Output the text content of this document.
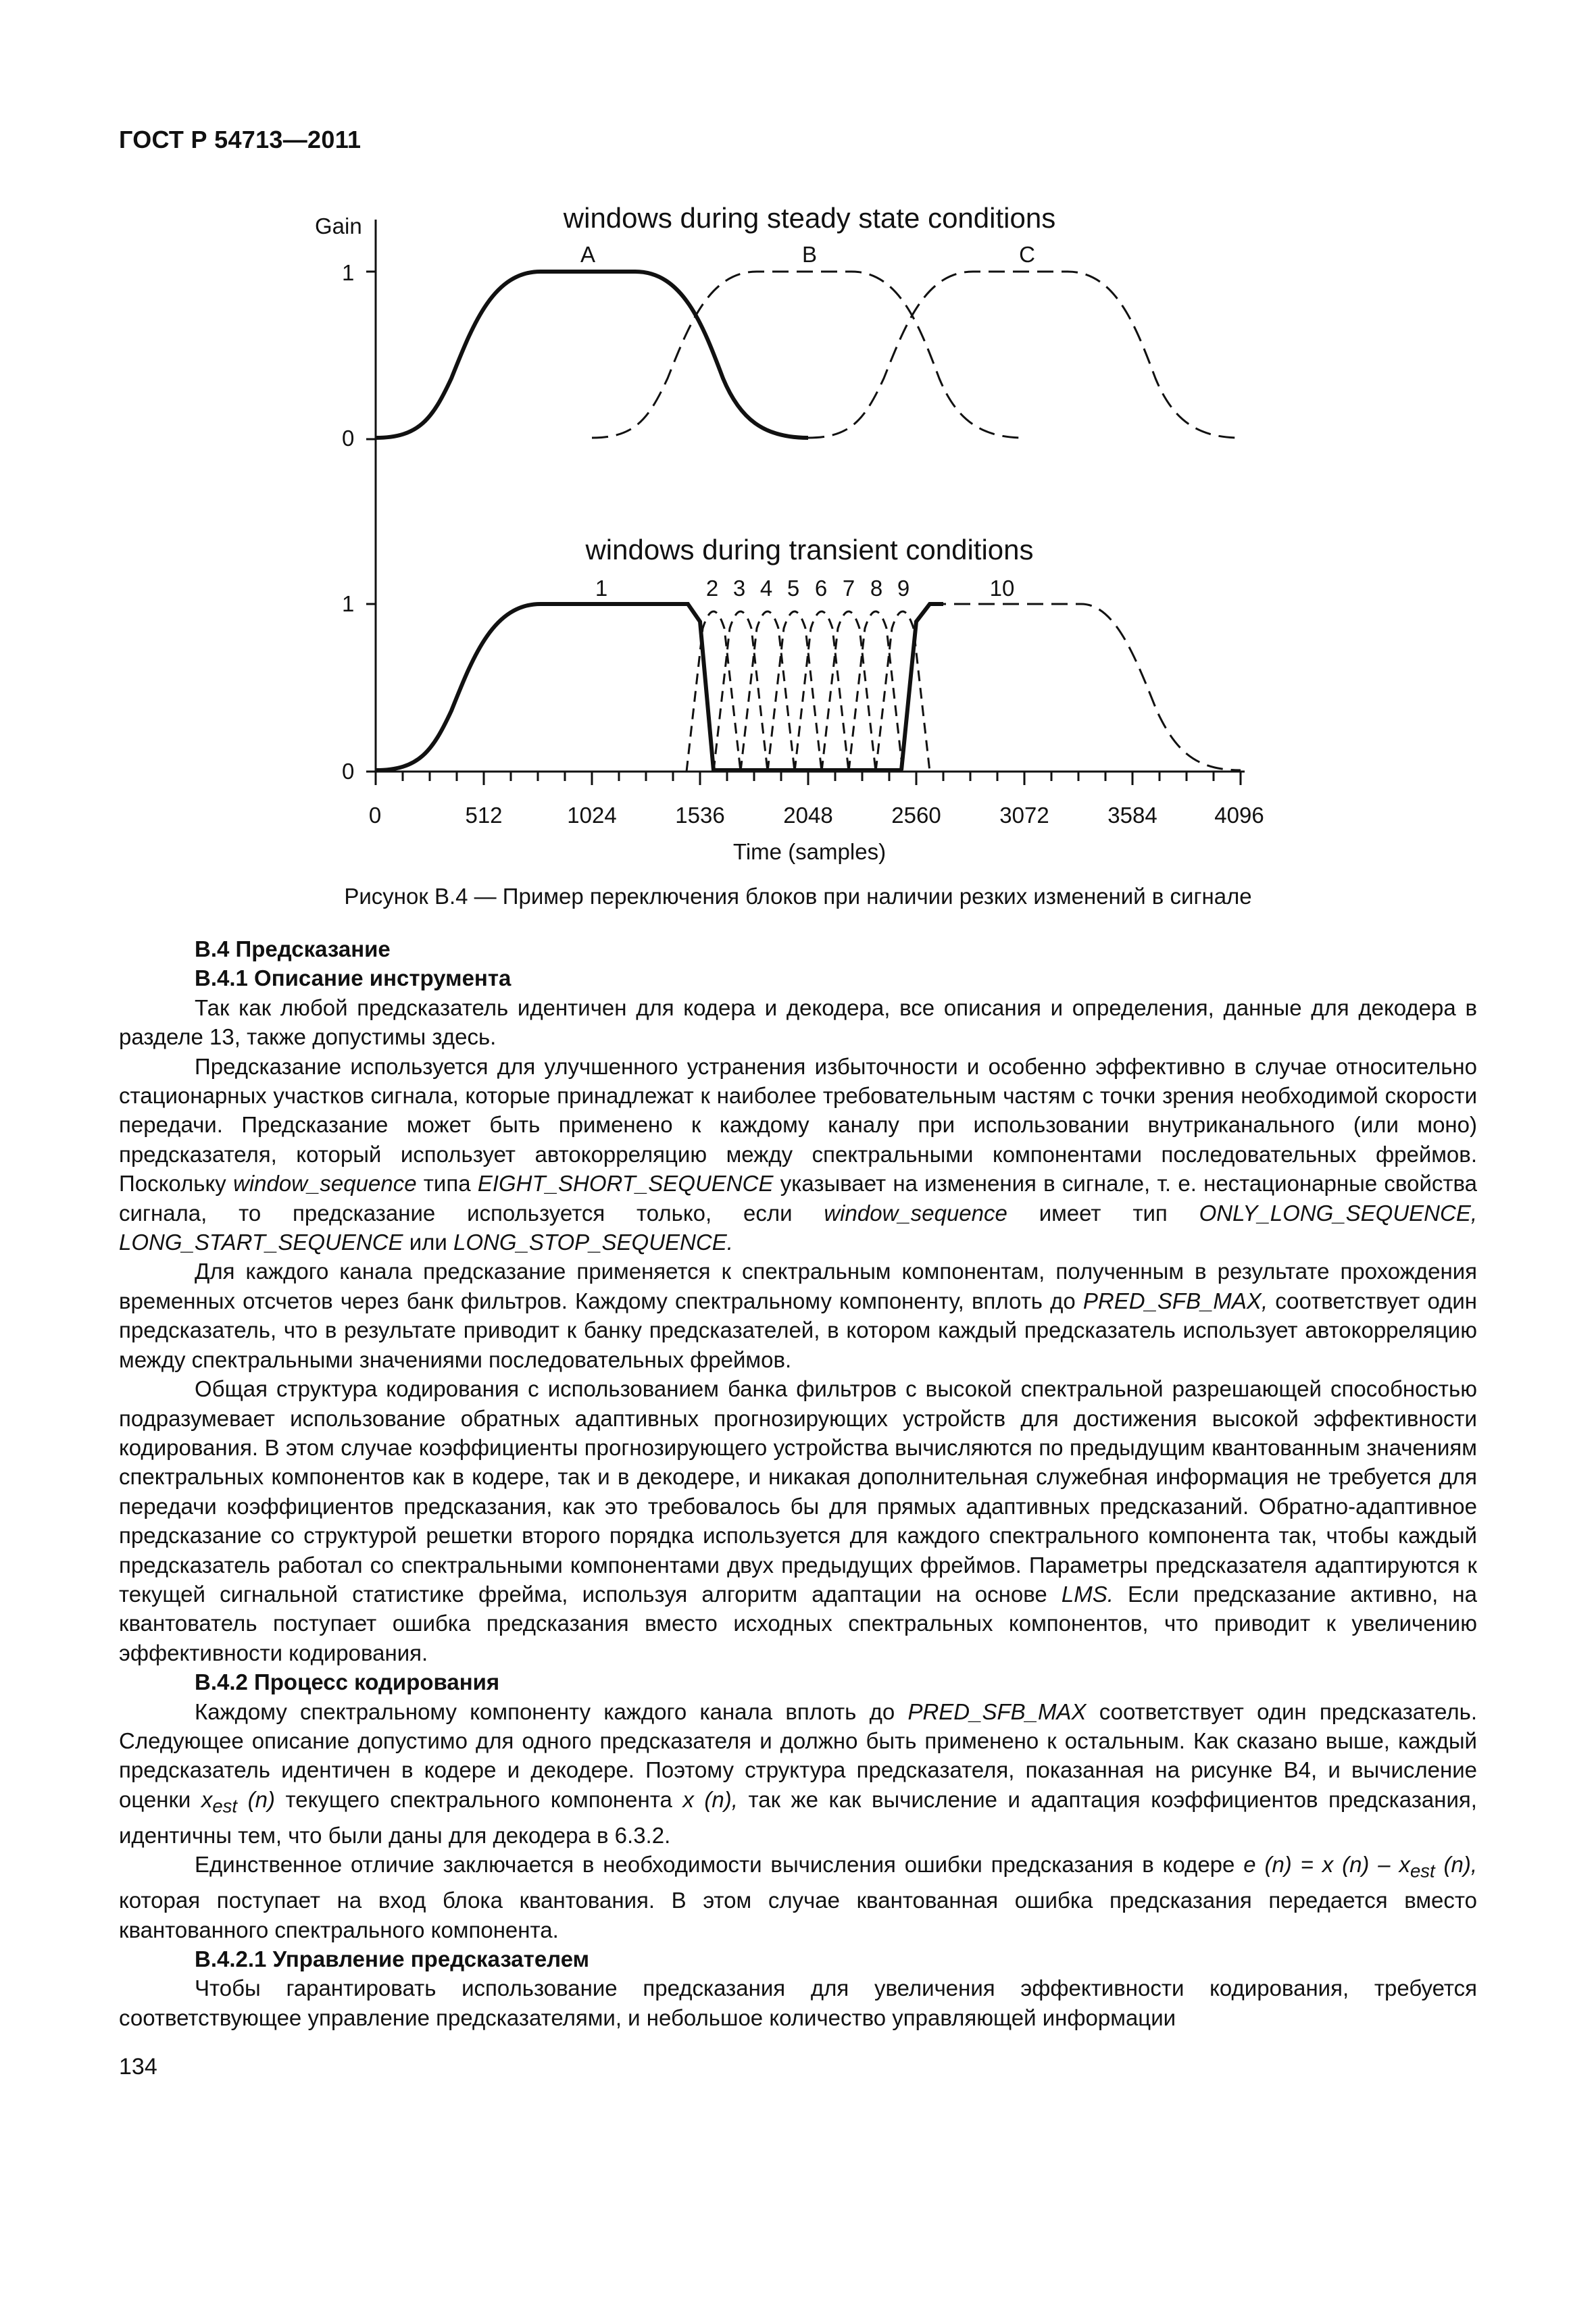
ГОСТ Р 54713—2011
windows during steady state conditions
Gain
1
0
A	B	C
windows during transient conditions
1
0
1	2 3 4 5 6 7 8 9	10
0	512	1024	1536	2048	2560	3072	3584	4096
Time (samples)
Рисунок В.4 — Пример переключения блоков при наличии резких изменений в сигнале
В.4 Предсказание
В.4.1 Описание инструмента

Так как любой предсказатель идентичен для кодера и декодера, все описания и определения, данные для декодера в разделе 13, также допустимы здесь.

Предсказание используется для улучшенного устранения избыточности и особенно эффективно в случае относительно стационарных участков сигнала, которые принадлежат к наиболее требовательным частям с точки зрения необходимой скорости передачи. Предсказание может быть применено к каждому каналу при использовании внутриканального (или моно) предсказателя, который использует автокорреляцию между спектральными компонентами последовательных фреймов. Поскольку window_sequence типа EIGHT_SHORT_SEQUENCE указывает на изменения в сигнале, т. е. нестационарные свойства сигнала, то предсказание используется только, если window_sequence имеет тип ONLY_LONG_SEQUENCE, LONG_START_SEQUENCE или LONG_STOP_SEQUENCE.

Для каждого канала предсказание применяется к спектральным компонентам, полученным в результате прохождения временных отсчетов через банк фильтров. Каждому спектральному компоненту, вплоть до PRED_SFB_MAX, соответствует один предсказатель, что в результате приводит к банку предсказателей, в котором каждый предсказатель использует автокорреляцию между спектральными значениями последовательных фреймов.

Общая структура кодирования с использованием банка фильтров с высокой спектральной разрешающей способностью подразумевает использование обратных адаптивных прогнозирующих устройств для достижения высокой эффективности кодирования. В этом случае коэффициенты прогнозирующего устройства вычисляются по предыдущим квантованным значениям спектральных компонентов как в кодере, так и в декодере, и никакая дополнительная служебная информация не требуется для передачи коэффициентов предсказания, как это требовалось бы для прямых адаптивных предсказаний. Обратно-адаптивное предсказание со структурой решетки второго порядка используется для каждого спектрального компонента так, чтобы каждый предсказатель работал со спектральными компонентами двух предыдущих фреймов. Параметры предсказателя адаптируются к текущей сигнальной статистике фрейма, используя алгоритм адаптации на основе LMS. Если предсказание активно, на квантователь поступает ошибка предсказания вместо исходных спектральных компонентов, что приводит к увеличению эффективности кодирования.

В.4.2 Процесс кодирования

Каждому спектральному компоненту каждого канала вплоть до PRED_SFB_MAX соответствует один предсказатель. Следующее описание допустимо для одного предсказателя и должно быть применено к остальным. Как сказано выше, каждый предсказатель идентичен в кодере и декодере. Поэтому структура предсказателя, показанная на рисунке В4, и вычисление оценки $x_{est}$ (n) текущего спектрального компонента x (n), так же как вычисление и адаптация коэффициентов предсказания, идентичны тем, что были даны для декодера в 6.3.2.

Единственное отличие заключается в необходимости вычисления ошибки предсказания в кодере e (n) = x $(n) - x_{est}$ (n), которая поступает на вход блока квантования. В этом случае квантованная ошибка предсказания передается вместо квантованного спектрального компонента.

В.4.2.1 Управление предсказателем

Чтобы гарантировать использование предсказания для увеличения эффективности кодирования, требуется соответствующее управление предсказателями, и небольшое количество управляющей информации

134
